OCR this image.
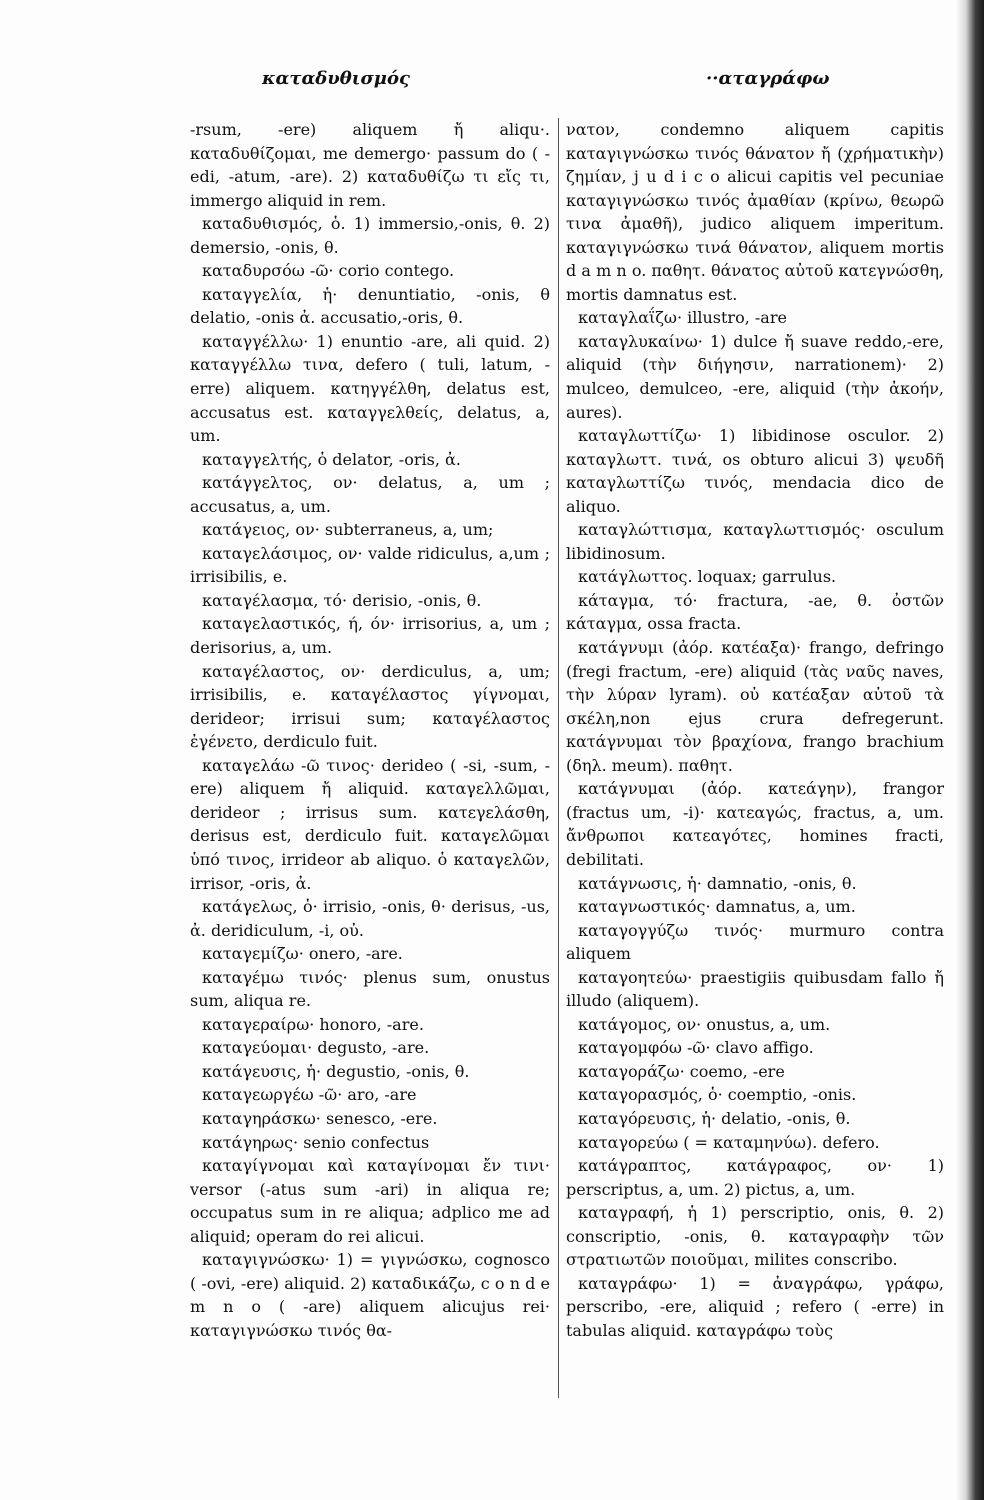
καταδυθισμός	··αταγράφω

-rsum, -ere) aliquem ἤ aliqu·. καταδυθίζομαι, me demergo· passum do ( -edi, -atum, -are). 2) καταδυθίζω τι εἴς τι, immergo aliquid in rem.

καταδυθισμός, ὁ. 1) immersio,-onis, θ. 2) demersio, -onis, θ.

καταδυρσόω -ῶ· corio contego.

καταγγελία, ἡ· denuntiatio, -onis, θ delatio, -onis ἀ. accusatio,-oris, θ.

καταγγέλλω· 1) enuntio -are, ali quid. 2) καταγγέλλω τινα, defero ( tuli, latum, -erre) aliquem. κατηγγέλθη, delatus est, accusatus est. καταγγελθείς, delatus, a, um.

καταγγελτής, ὁ delator, -oris, ἀ.

κατάγγελτος, ον· delatus, a, um ; accusatus, a, um.

κατάγειος, ον· subterraneus, a, um;

καταγελάσιμος, ον· valde ridiculus, a,um ; irrisibilis, e.

καταγέλασμα, τό· derisio, -onis, θ.

καταγελαστικός, ή, όν· irrisorius, a, um ; derisorius, a, um.

καταγέλαστος, ον· derdiculus, a, um; irrisibilis, e. καταγέλαστος γίγνομαι, derideor; irrisui sum; καταγέλαστος ἐγένετο, derdiculo fuit.

καταγελάω -ῶ τινος· derideo ( -si, -sum, -ere) aliquem ἤ aliquid. καταγελλῶμαι, derideor ; irrisus sum. κατεγελάσθη, derisus est, derdiculo fuit. καταγελῶμαι ὑπό τινος, irrideor ab aliquo. ὁ καταγελῶν, irrisor, -oris, ἀ.

κατάγελως, ὁ· irrisio, -onis, θ· derisus, -us, ἀ. deridiculum, -i, οὐ.

καταγεμίζω· onero, -are.

καταγέμω τινός· plenus sum, onustus sum, aliqua re.

καταγεραίρω· honoro, -are.

καταγεύομαι· degusto, -are.

κατάγευσις, ἡ· degustio, -onis, θ.

καταγεωργέω -ῶ· aro, -are

καταγηράσκω· senesco, -ere.

κατάγηρως· senio confectus

καταγίγνομαι καὶ καταγίνομαι ἔν τινι· versor (-atus sum -ari) in aliqua re; occupatus sum in re aliqua; adplico me ad aliquid; operam do rei alicui.

καταγιγνώσκω· 1) = γιγνώσκω, cognosco ( -ovi, -ere) aliquid. 2) καταδικάζω, c o n d e m n o ( -are) aliquem alicujus rei· καταγιγνώσκω τινός θα-

νατον, condemno aliquem capitis καταγιγνώσκω τινός θάνατον ἤ (χρήματικὴν) ζημίαν, j u d i c o alicui capitis vel pecuniae καταγιγνώσκω τινός ἀμαθίαν (κρίνω, θεωρῶ τινα ἀμαθῆ), judico aliquem imperitum. καταγιγνώσκω τινά θάνατον, aliquem mortis d a m n o. παθητ. θάνατος αὐτοῦ κατεγνώσθη, mortis damnatus est.

καταγλαΐζω· illustro, -are

καταγλυκαίνω· 1) dulce ἤ suave reddo,-ere, aliquid (τὴν διήγησιν, narrationem)· 2) mulceo, demulceo, -ere, aliquid (τὴν ἀκοήν, aures).

καταγλωττίζω· 1) libidinose osculor. 2) καταγλωττ. τινά, os obturo alicui 3) ψευδῆ καταγλωττίζω τινός, mendacia dico de aliquo.

καταγλώττισμα, καταγλωττισμός· osculum libidinosum.

κατάγλωττος. loquax; garrulus.

κάταγμα, τό· fractura, -ae, θ. ὀστῶν κάταγμα, ossa fracta.

κατάγνυμι (ἀόρ. κατέαξα)· frango, defringo (fregi fractum, -ere) aliquid (τὰς ναῦς naves, τὴν λύραν lyram). οὐ κατέαξαν αὐτοῦ τὰ σκέλη,non ejus crura defregerunt. κατάγνυμαι τὸν βραχίονα, frango brachium (δηλ. meum). παθητ.

κατάγνυμαι (ἀόρ. κατεάγην), frangor (fractus um, -i)· κατεαγώς, fractus, a, um. ἄνθρωποι κατεαγότες, homines fracti, debilitati.

κατάγνωσις, ἡ· damnatio, -onis, θ.

καταγνωστικός· damnatus, a, um.

καταγογγύζω τινός· murmuro contra aliquem

καταγοητεύω· praestigiis quibusdam fallo ἤ illudo (aliquem).

κατάγομος, ον· onustus, a, um.

καταγομφόω -ῶ· clavo affigo.

καταγοράζω· coemo, -ere

καταγορασμός, ὁ· coemptio, -onis.

καταγόρευσις, ἡ· delatio, -onis, θ.

καταγορεύω ( = καταμηνύω). defero.

κατάγραπτος, κατάγραφος, ον· 1) perscriptus, a, um. 2) pictus, a, um.

καταγραφή, ἡ 1) perscriptio, onis, θ. 2) conscriptio, -onis, θ. καταγραφὴν τῶν στρατιωτῶν ποιοῦμαι, milites conscribo.

καταγράφω· 1) = ἀναγράφω, γράφω, perscribo, -ere, aliquid ; refero ( -erre) in tabulas aliquid. καταγράφω τοὺς
